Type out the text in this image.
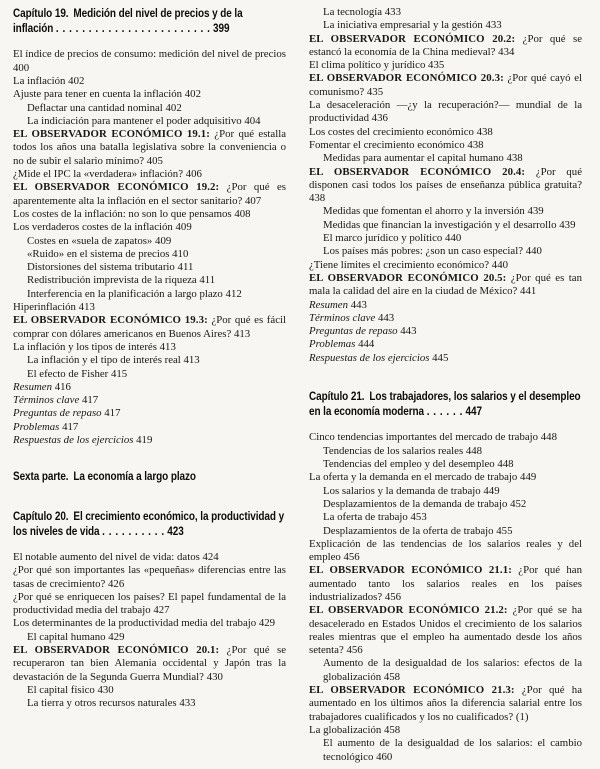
Capítulo 19.  Medición del nivel de precios y de la inflación . . . . . . . . . . . . . . . . . . . . . . . . 399

El índice de precios de consumo: medición del nivel de precios 400

La inflación 402

Ajuste para tener en cuenta la inflación 402

Deflactar una cantidad nominal 402

La indiciación para mantener el poder adquisitivo 404

EL OBSERVADOR ECONÓMICO 19.1: ¿Por qué estalla todos los años una batalla legislativa sobre la conveniencia o no de subir el salario mínimo? 405

¿Mide el IPC la «verdadera» inflación? 406

EL OBSERVADOR ECONÓMICO 19.2: ¿Por qué es aparentemente alta la inflación en el sector sanitario? 407

Los costes de la inflación: no son lo que pensamos 408

Los verdaderos costes de la inflación 409

Costes en «suela de zapatos» 409

«Ruido» en el sistema de precios 410

Distorsiones del sistema tributario 411

Redistribución imprevista de la riqueza 411

Interferencia en la planificación a largo plazo 412

Hiperinflación 413

EL OBSERVADOR ECONÓMICO 19.3: ¿Por qué es fácil comprar con dólares americanos en Buenos Aires? 413

La inflación y los tipos de interés 413

La inflación y el tipo de interés real 413

El efecto de Fisher 415

Resumen 416

Términos clave 417

Preguntas de repaso 417

Problemas 417

Respuestas de los ejercicios 419

Sexta parte.  La economía a largo plazo

Capítulo 20.  El crecimiento económico, la productividad y los niveles de vida . . . . . . . . . . 423

El notable aumento del nivel de vida: datos 424

¿Por qué son importantes las «pequeñas» diferencias entre las tasas de crecimiento? 426

¿Por qué se enriquecen los países? El papel fundamental de la productividad media del trabajo 427

Los determinantes de la productividad media del trabajo 429

El capital humano 429

EL OBSERVADOR ECONÓMICO 20.1: ¿Por qué se recuperaron tan bien Alemania occidental y Japón tras la devastación de la Segunda Guerra Mundial? 430

El capital físico 430

La tierra y otros recursos naturales 433

La tecnología 433

La iniciativa empresarial y la gestión 433

EL OBSERVADOR ECONÓMICO 20.2: ¿Por qué se estancó la economía de la China medieval? 434

El clima político y jurídico 435

EL OBSERVADOR ECONÓMICO 20.3: ¿Por qué cayó el comunismo? 435

La desaceleración —¿y la recuperación?— mundial de la productividad 436

Los costes del crecimiento económico 438

Fomentar el crecimiento económico 438

Medidas para aumentar el capital humano 438

EL OBSERVADOR ECONÓMICO 20.4: ¿Por qué disponen casi todos los países de enseñanza pública gratuita? 438

Medidas que fomentan el ahorro y la inversión 439

Medidas que financian la investigación y el desarrollo 439

El marco jurídico y político 440

Los países más pobres: ¿son un caso especial? 440

¿Tiene límites el crecimiento económico? 440

EL OBSERVADOR ECONÓMICO 20.5: ¿Por qué es tan mala la calidad del aire en la ciudad de México? 441

Resumen 443

Términos clave 443

Preguntas de repaso 443

Problemas 444

Respuestas de los ejercicios 445

Capítulo 21.  Los trabajadores, los salarios y el desempleo en la economía moderna . . . . . . 447

Cinco tendencias importantes del mercado de trabajo 448

Tendencias de los salarios reales 448

Tendencias del empleo y del desempleo 448

La oferta y la demanda en el mercado de trabajo 449

Los salarios y la demanda de trabajo 449

Desplazamientos de la demanda de trabajo 452

La oferta de trabajo 453

Desplazamientos de la oferta de trabajo 455

Explicación de las tendencias de los salarios reales y del empleo 456

EL OBSERVADOR ECONÓMICO 21.1: ¿Por qué han aumentado tanto los salarios reales en los países industrializados? 456

EL OBSERVADOR ECONÓMICO 21.2: ¿Por qué se ha desacelerado en Estados Unidos el crecimiento de los salarios reales mientras que el empleo ha aumentado desde los años setenta? 456

Aumento de la desigualdad de los salarios: efectos de la globalización 458

EL OBSERVADOR ECONÓMICO 21.3: ¿Por qué ha aumentado en los últimos años la diferencia salarial entre los trabajadores cualificados y los no cualificados? (1)

La globalización 458

El aumento de la desigualdad de los salarios: el cambio tecnológico 460
